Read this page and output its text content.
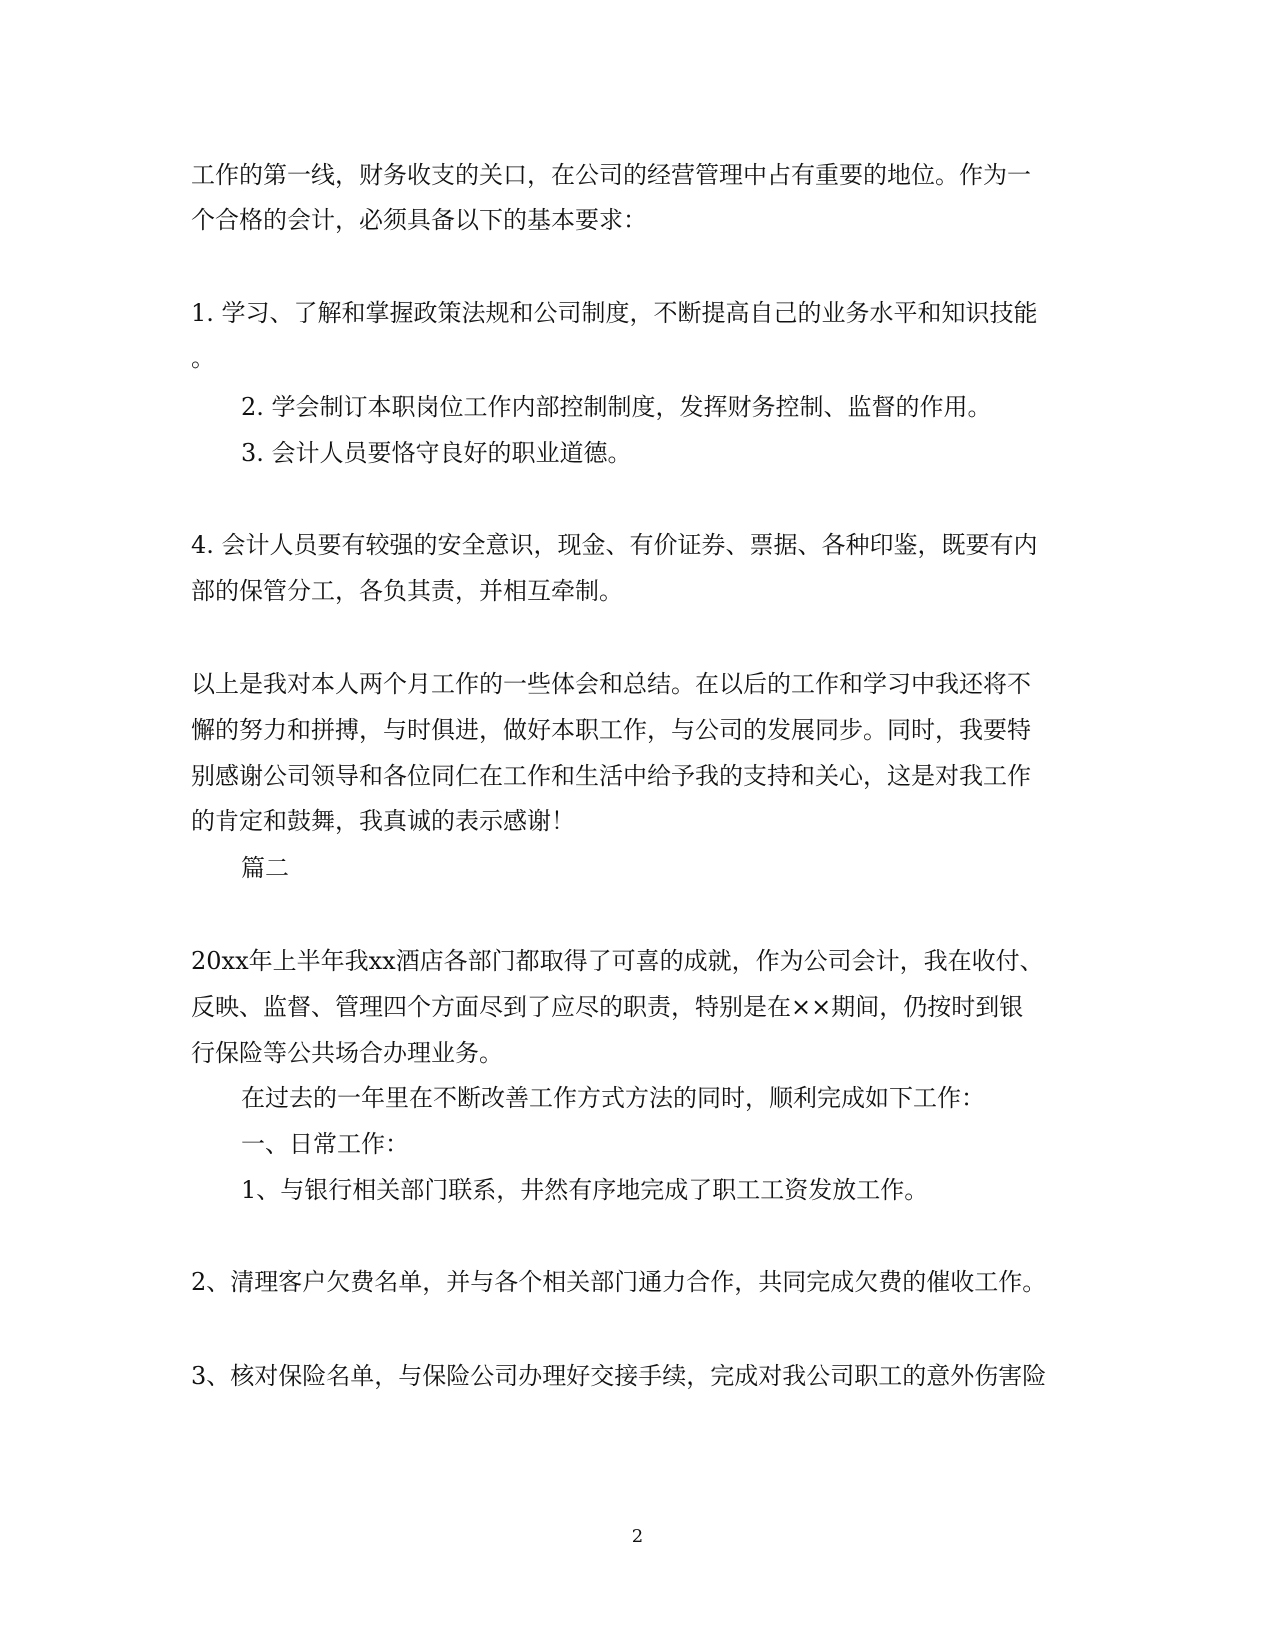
工作的第一线，财务收支的关口，在公司的经营管理中占有重要的地位。作为一
个合格的会计，必须具备以下的基本要求：
1. 学习、了解和掌握政策法规和公司制度，不断提高自己的业务水平和知识技能
。
2. 学会制订本职岗位工作内部控制制度，发挥财务控制、监督的作用。
3. 会计人员要恪守良好的职业道德。
4. 会计人员要有较强的安全意识，现金、有价证券、票据、各种印鉴，既要有内
部的保管分工，各负其责，并相互牵制。
以上是我对本人两个月工作的一些体会和总结。在以后的工作和学习中我还将不
懈的努力和拼搏，与时俱进，做好本职工作，与公司的发展同步。同时，我要特
别感谢公司领导和各位同仁在工作和生活中给予我的支持和关心，这是对我工作
的肯定和鼓舞，我真诚的表示感谢！
篇二
20xx年上半年我xx酒店各部门都取得了可喜的成就，作为公司会计，我在收付、
反映、监督、管理四个方面尽到了应尽的职责，特别是在××期间，仍按时到银
行保险等公共场合办理业务。
在过去的一年里在不断改善工作方式方法的同时，顺利完成如下工作：
一、日常工作：
1、与银行相关部门联系，井然有序地完成了职工工资发放工作。
2、清理客户欠费名单，并与各个相关部门通力合作，共同完成欠费的催收工作。
3、核对保险名单，与保险公司办理好交接手续，完成对我公司职工的意外伤害险
2
